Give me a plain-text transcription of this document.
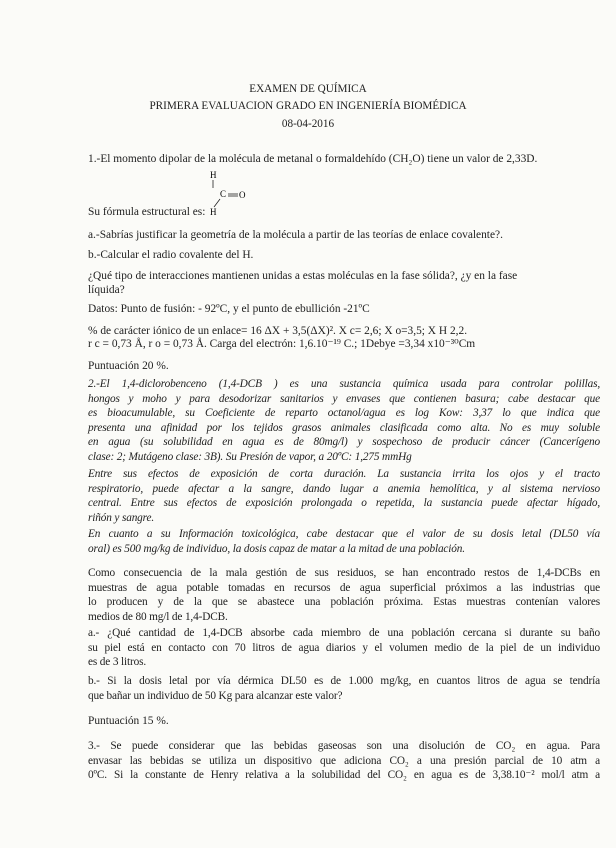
EXAMEN DE QUÍMICA
PRIMERA EVALUACION GRADO EN INGENIERÍA BIOMÉDICA
08-04-2016
1.-El momento dipolar de la molécula de metanal o formaldehído (CH₂O) tiene un valor de 2,33D.
H
C O
H
Su fórmula estructural es:
a.-Sabrías justificar la geometría de la molécula a partir de las teorías de enlace covalente?.
b.-Calcular el radio covalente del H.
¿Qué tipo de interacciones mantienen unidas a estas moléculas en la fase sólida?, ¿y en la fase
líquida?
Datos: Punto de fusión: - 92ºC, y el punto de ebullición -21ºC
% de carácter iónico de un enlace= 16 ΔX + 3,5(ΔX)². X c= 2,6; X o=3,5; X H 2,2.
r c = 0,73 Å, r o = 0,73 Å. Carga del electrón: 1,6.10⁻¹⁹ C.; 1Debye =3,34 x10⁻³⁰Cm
Puntuación 20 %.
2.-El 1,4-diclorobenceno (1,4-DCB ) es una sustancia química usada para controlar polillas,
hongos y moho y para desodorizar sanitarios y envases que contienen basura; cabe destacar que
es bioacumulable, su Coeficiente de reparto octanol/agua es log Kow: 3,37 lo que indica que
presenta una afinidad por los tejidos grasos animales clasificada como alta. No es muy soluble
en agua (su solubilidad en agua es de 80mg/l) y sospechoso de producir cáncer (Cancerígeno
clase: 2; Mutágeno clase: 3B). Su Presión de vapor, a 20ºC: 1,275 mmHg
Entre sus efectos de exposición de corta duración. La sustancia irrita los ojos y el tracto
respiratorio, puede afectar a la sangre, dando lugar a anemia hemolítica, y al sistema nervioso
central. Entre sus efectos de exposición prolongada o repetida, la sustancia puede afectar hígado,
riñón y sangre.
En cuanto a su Información toxicológica, cabe destacar que el valor de su dosis letal (DL50 vía
oral) es 500 mg/kg de individuo, la dosis capaz de matar a la mitad de una población.
Como consecuencia de la mala gestión de sus residuos, se han encontrado restos de 1,4-DCBs en
muestras de agua potable tomadas en recursos de agua superficial próximos a las industrias que
lo producen y de la que se abastece una población próxima. Estas muestras contenían valores
medios de 80 mg/l de 1,4-DCB.
a.- ¿Qué cantidad de 1,4-DCB absorbe cada miembro de una población cercana si durante su baño
su piel está en contacto con 70 litros de agua diarios y el volumen medio de la piel de un individuo
es de 3 litros.
b.- Si la dosis letal por vía dérmica DL50 es de 1.000 mg/kg, en cuantos litros de agua se tendría
que bañar un individuo de 50 Kg para alcanzar este valor?
Puntuación 15 %.
3.- Se puede considerar que las bebidas gaseosas son una disolución de CO₂ en agua. Para
envasar las bebidas se utiliza un dispositivo que adiciona CO₂ a una presión parcial de 10 atm a
0ºC. Si la constante de Henry relativa a la solubilidad del CO₂ en agua es de 3,38.10⁻² mol/l atm a
